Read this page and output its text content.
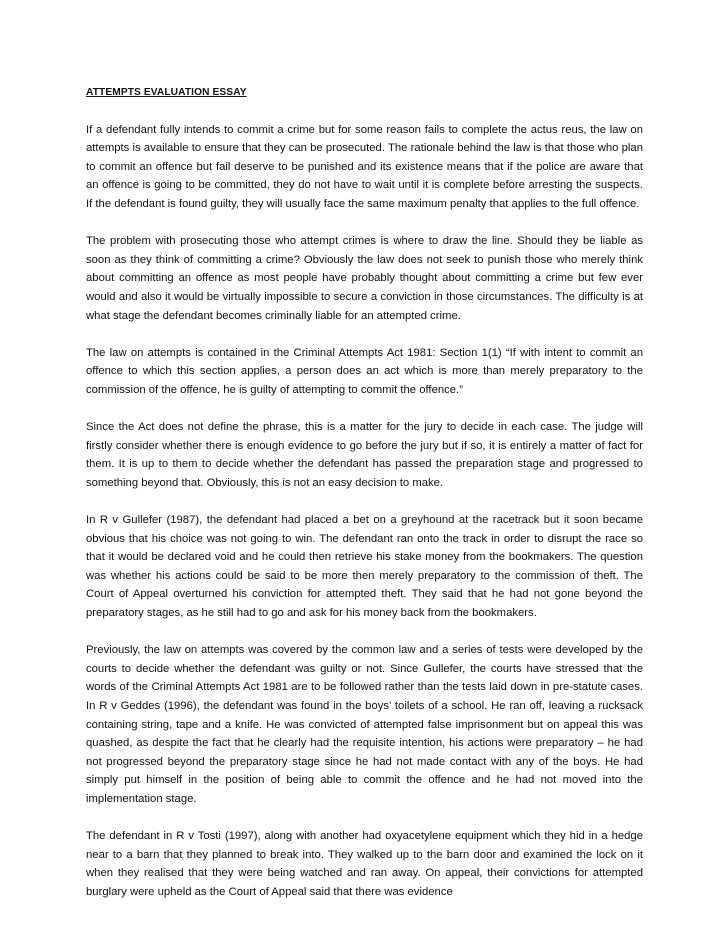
ATTEMPTS EVALUATION ESSAY

If a defendant fully intends to commit a crime but for some reason fails to complete the actus reus, the law on attempts is available to ensure that they can be prosecuted. The rationale behind the law is that those who plan to commit an offence but fail deserve to be punished and its existence means that if the police are aware that an offence is going to be committed, they do not have to wait until it is complete before arresting the suspects. If the defendant is found guilty, they will usually face the same maximum penalty that applies to the full offence.

The problem with prosecuting those who attempt crimes is where to draw the line. Should they be liable as soon as they think of committing a crime? Obviously the law does not seek to punish those who merely think about committing an offence as most people have probably thought about committing a crime but few ever would and also it would be virtually impossible to secure a conviction in those circumstances. The difficulty is at what stage the defendant becomes criminally liable for an attempted crime.

The law on attempts is contained in the Criminal Attempts Act 1981: Section 1(1) “If with intent to commit an offence to which this section applies, a person does an act which is more than merely preparatory to the commission of the offence, he is guilty of attempting to commit the offence.”

Since the Act does not define the phrase, this is a matter for the jury to decide in each case. The judge will firstly consider whether there is enough evidence to go before the jury but if so, it is entirely a matter of fact for them. It is up to them to decide whether the defendant has passed the preparation stage and progressed to something beyond that. Obviously, this is not an easy decision to make.

In R v Gullefer (1987), the defendant had placed a bet on a greyhound at the racetrack but it soon became obvious that his choice was not going to win. The defendant ran onto the track in order to disrupt the race so that it would be declared void and he could then retrieve his stake money from the bookmakers. The question was whether his actions could be said to be more then merely preparatory to the commission of theft. The Court of Appeal overturned his conviction for attempted theft. They said that he had not gone beyond the preparatory stages, as he still had to go and ask for his money back from the bookmakers.

Previously, the law on attempts was covered by the common law and a series of tests were developed by the courts to decide whether the defendant was guilty or not. Since Gullefer, the courts have stressed that the words of the Criminal Attempts Act 1981 are to be followed rather than the tests laid down in pre-statute cases. In R v Geddes (1996), the defendant was found in the boys’ toilets of a school. He ran off, leaving a rucksack containing string, tape and a knife. He was convicted of attempted false imprisonment but on appeal this was quashed, as despite the fact that he clearly had the requisite intention, his actions were preparatory – he had not progressed beyond the preparatory stage since he had not made contact with any of the boys. He had simply put himself in the position of being able to commit the offence and he had not moved into the implementation stage.

The defendant in R v Tosti (1997), along with another had oxyacetylene equipment which they hid in a hedge near to a barn that they planned to break into. They walked up to the barn door and examined the lock on it when they realised that they were being watched and ran away. On appeal, their convictions for attempted burglary were upheld as the Court of Appeal said that there was evidence
